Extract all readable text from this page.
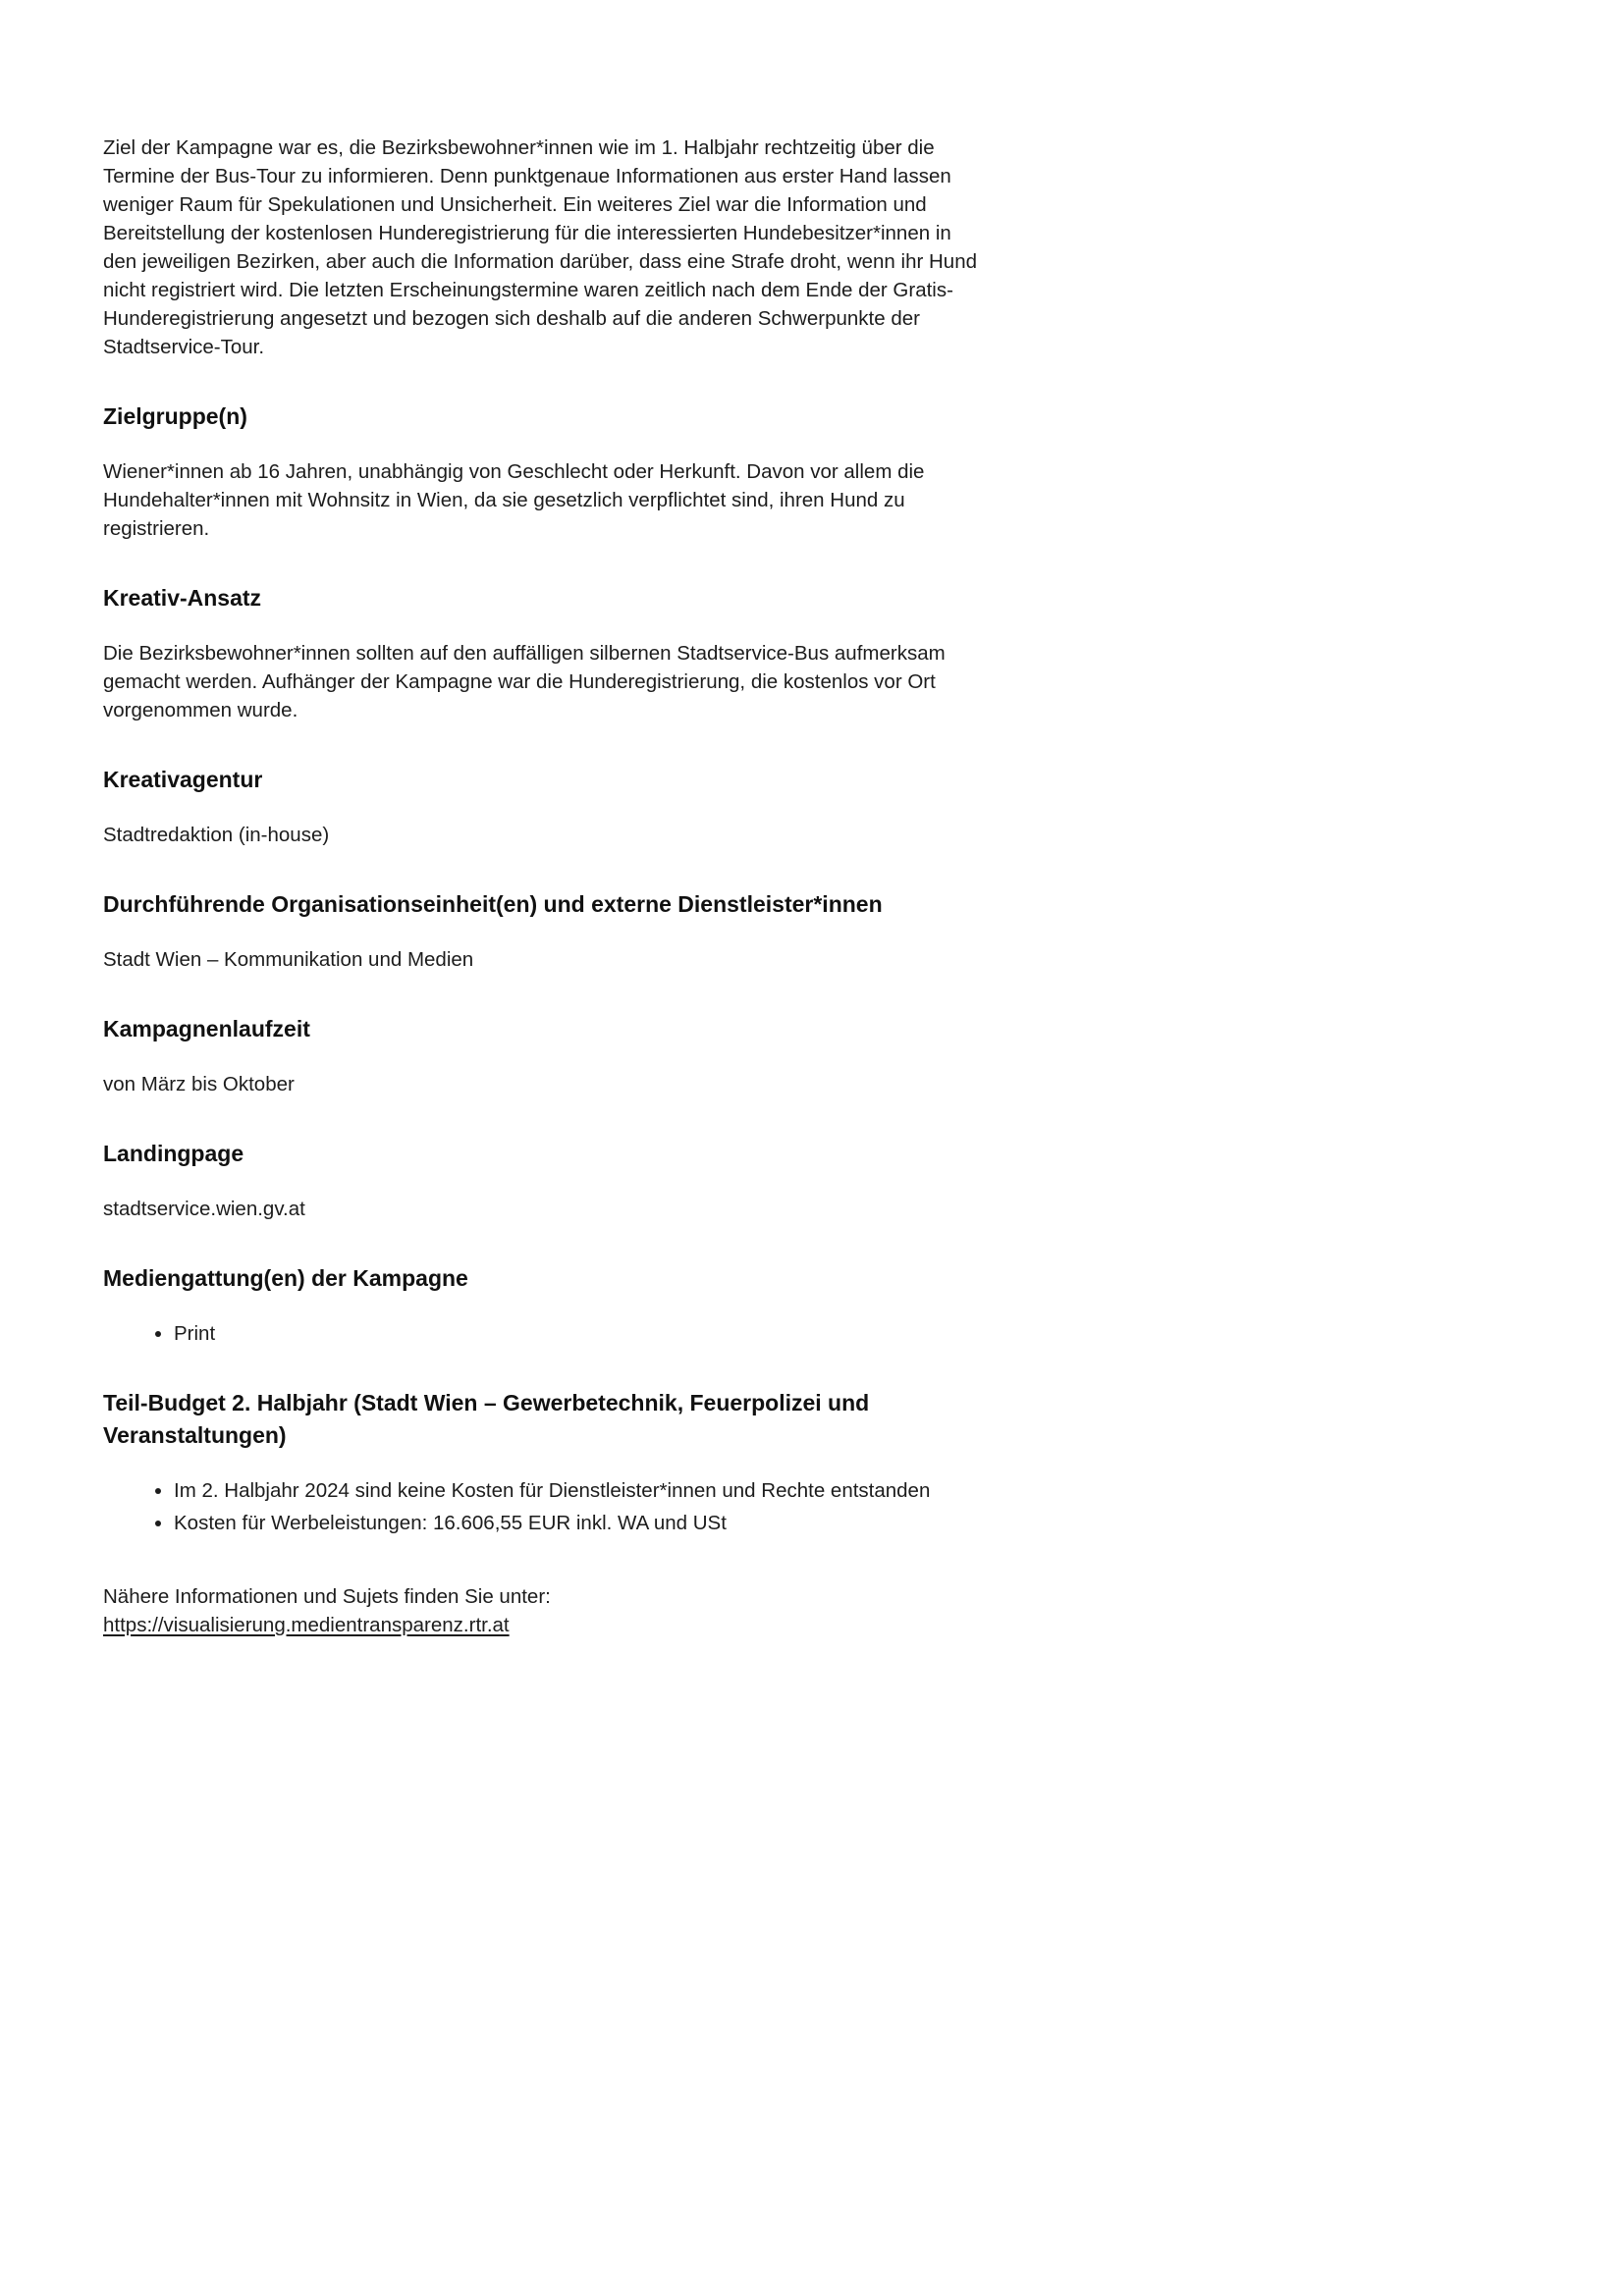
Ziel der Kampagne war es, die Bezirksbewohner*innen wie im 1. Halbjahr rechtzeitig über die Termine der Bus-Tour zu informieren. Denn punktgenaue Informationen aus erster Hand lassen weniger Raum für Spekulationen und Unsicherheit. Ein weiteres Ziel war die Information und Bereitstellung der kostenlosen Hunderegistrierung für die interessierten Hundebesitzer*innen in den jeweiligen Bezirken, aber auch die Information darüber, dass eine Strafe droht, wenn ihr Hund nicht registriert wird. Die letzten Erscheinungstermine waren zeitlich nach dem Ende der Gratis-Hunderegistrierung angesetzt und bezogen sich deshalb auf die anderen Schwerpunkte der Stadtservice-Tour.

Zielgruppe(n)

Wiener*innen ab 16 Jahren, unabhängig von Geschlecht oder Herkunft. Davon vor allem die Hundehalter*innen mit Wohnsitz in Wien, da sie gesetzlich verpflichtet sind, ihren Hund zu registrieren.

Kreativ-Ansatz

Die Bezirksbewohner*innen sollten auf den auffälligen silbernen Stadtservice-Bus aufmerksam gemacht werden. Aufhänger der Kampagne war die Hunderegistrierung, die kostenlos vor Ort vorgenommen wurde.

Kreativagentur

Stadtredaktion (in-house)

Durchführende Organisationseinheit(en) und externe Dienstleister*innen

Stadt Wien – Kommunikation und Medien

Kampagnenlaufzeit

von März bis Oktober

Landingpage

stadtservice.wien.gv.at

Mediengattung(en) der Kampagne
• Print
Teil-Budget 2. Halbjahr (Stadt Wien – Gewerbetechnik, Feuerpolizei und Veranstaltungen)
• Im 2. Halbjahr 2024 sind keine Kosten für Dienstleister*innen und Rechte entstanden
• Kosten für Werbeleistungen: 16.606,55 EUR inkl. WA und USt

Nähere Informationen und Sujets finden Sie unter:

https://visualisierung.medientransparenz.rtr.at
